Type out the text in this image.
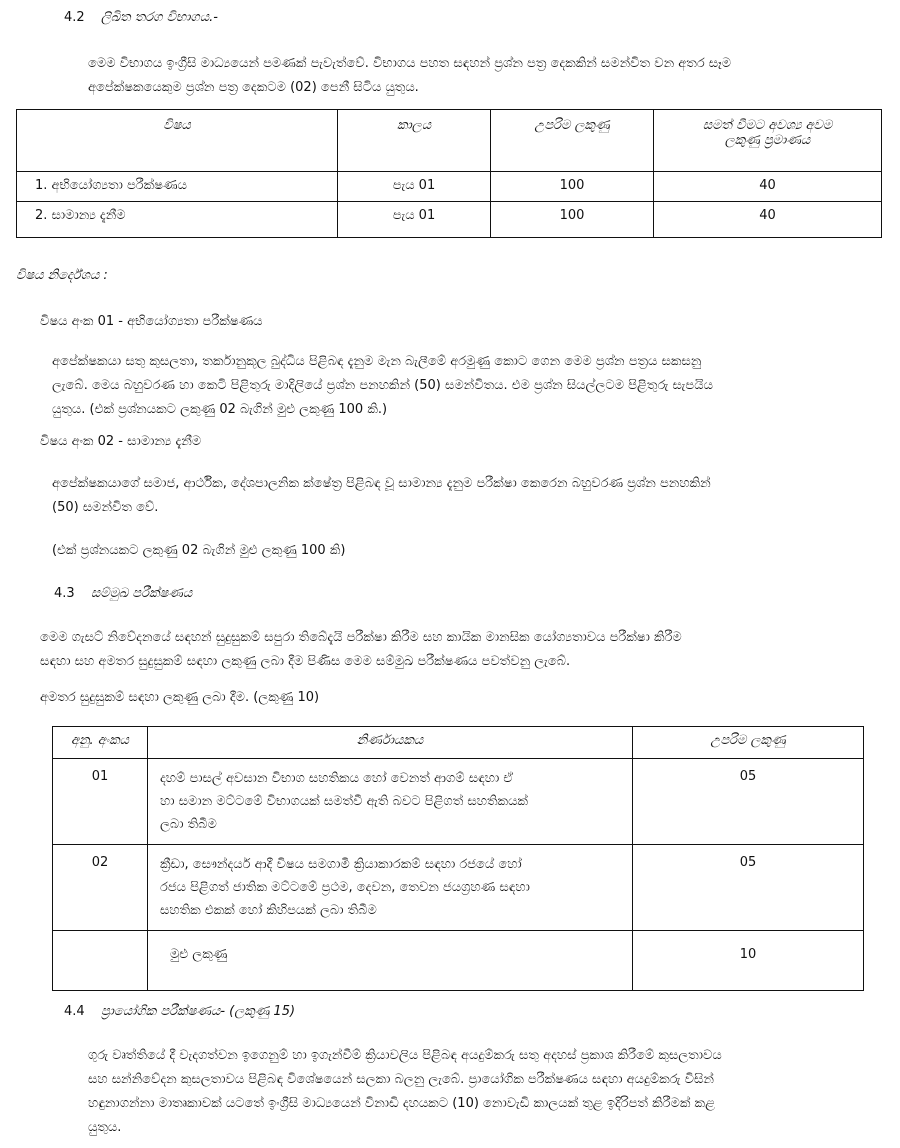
4.2 ලිඛිත තරග විභාගය.-
මෙම විභාගය ඉංග්‍රීසි මාධ්‍යයෙන් පමණක් පැවැත්වේ. විභාගය පහත සඳහන් ප්‍රශ්න පත්‍ර දෙකකින් සමන්විත වන අතර සෑම
අපේක්ෂකයෙකුම ප්‍රශ්න පත්‍ර දෙකටම (02) පෙනී සිටිය යුතුය.
විෂය	කාලය	උපරිම ලකුණු	සමත් වීමට අවශ්‍ය අවම ලකුණු ප්‍රමාණය
1. අභියෝග්‍යතා පරීක්ෂණය	පැය 01	100	40
2. සාමාන්‍ය දැනීම	පැය 01	100	40
විෂය නිර්දේශය :
විෂය අංක 01 - අභියෝග්‍යතා පරීක්ෂණය
අපේක්ෂකයා සතු කුසලතා, තර්කානුකූල බුද්ධිය පිළිබඳ දැනුම මැන බැලීමේ අරමුණු කොට ගෙන මෙම ප්‍රශ්න පත්‍රය සකසනු
ලැබේ. මෙය බහුවරණ හා කෙටි පිළිතුරු මාදිලියේ ප්‍රශ්න පනහකින් (50) සමන්විතය. එම ප්‍රශ්න සියල්ලටම පිළිතුරු සැපයිය
යුතුය. (එක් ප්‍රශ්නයකට ලකුණු 02 බැගින් මුළු ලකුණු 100 කි.)
විෂය අංක 02 - සාමාන්‍ය දැනීම
අපේක්ෂකයාගේ සමාජ, ආර්ථික, දේශපාලනික ක්ෂේත්‍ර පිළිබඳ වූ සාමාන්‍ය දැනුම පරීක්ෂා කෙරෙන බහුවරණ ප්‍රශ්න පනහකින්
(50) සමන්විත වේ.
(එක් ප්‍රශ්නයකට ලකුණු 02 බැගින් මුළු ලකුණු 100 කි)
4.3 සම්මුඛ පරීක්ෂණය
මෙම ගැසට් නිවේදනයේ සඳහන් සුදුසුකම් සපුරා තිබේදැයි පරීක්ෂා කිරීම සහ කායික මානසික යෝග්‍යතාවය පරීක්ෂා කිරීම
සඳහා සහ අමතර සුදුසුකම් සඳහා ලකුණු ලබා දීම පිණිස මෙම සම්මුඛ පරීක්ෂණය පවත්වනු ලැබේ.
අමතර සුදුසුකම් සඳහා ලකුණු ලබා දීම. (ලකුණු 10)
අනු. අංකය	නිර්ණායකය	උපරිම ලකුණු
01	දහම් පාසල් අවසාන විභාග සහතිකය හෝ වෙනත් ආගම් සඳහා ඒ
හා සමාන මට්ටමේ විභාගයක් සමත්වී ඇති බවට පිළිගත් සහතිකයක්
ලබා තිබීම	05
02	ක්‍රීඩා, සෞන්දර්ය ආදී විෂය සමගාමී ක්‍රියාකාරකම් සඳහා රජයේ හෝ
රජය පිළිගත් ජාතික මට්ටමේ ප්‍රථම, දෙවන, තෙවන ජයග්‍රහණ සඳහා
සහතික එකක් හෝ කිහිපයක් ලබා තිබීම	05
	මුළු ලකුණු	10
4.4 ප්‍රායෝගික පරීක්ෂණය- (ලකුණු 15)
ගුරු වෘත්තියේ දී වැදගත්වන ඉගෙනුම් හා ඉගැන්වීම් ක්‍රියාවලිය පිළිබඳ අයදුම්කරු සතු අදහස් ප්‍රකාශ කිරීමේ කුසලතාවය
සහ සන්නිවේදන කුසලතාවය පිළිබඳ විශේෂයෙන් සලකා බලනු ලැබේ. ප්‍රායෝගික පරීක්ෂණය සඳහා අයදුම්කරු විසින්
හඳුනාගන්නා මාතෘකාවක් යටතේ ඉංග්‍රීසි මාධ්‍යයෙන් විනාඩි දහයකට (10) නොවැඩි කාලයක් තුළ ඉදිරිපත් කිරීමක් කළ
යුතුය.
